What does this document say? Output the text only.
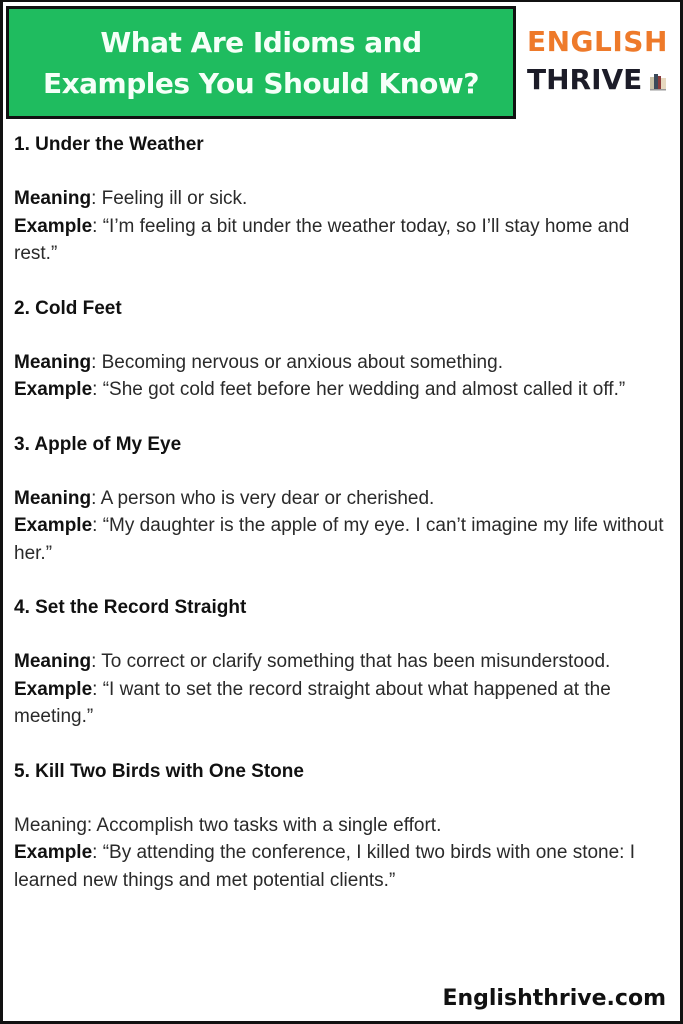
What Are Idioms and
Examples You Should Know?
ENGLISH
THRIVE
1. Under the Weather
Meaning: Feeling ill or sick.
Example: “I’m feeling a bit under the weather today, so I’ll stay home and rest.”
2. Cold Feet
Meaning: Becoming nervous or anxious about something.
Example: “She got cold feet before her wedding and almost called it off.”
3. Apple of My Eye
Meaning: A person who is very dear or cherished.
Example: “My daughter is the apple of my eye. I can’t imagine my life without her.”
4. Set the Record Straight
Meaning: To correct or clarify something that has been misunderstood.
Example: “I want to set the record straight about what happened at the meeting.”
5. Kill Two Birds with One Stone
Meaning: Accomplish two tasks with a single effort.
Example: “By attending the conference, I killed two birds with one stone: I learned new things and met potential clients.”
Englishthrive.com
